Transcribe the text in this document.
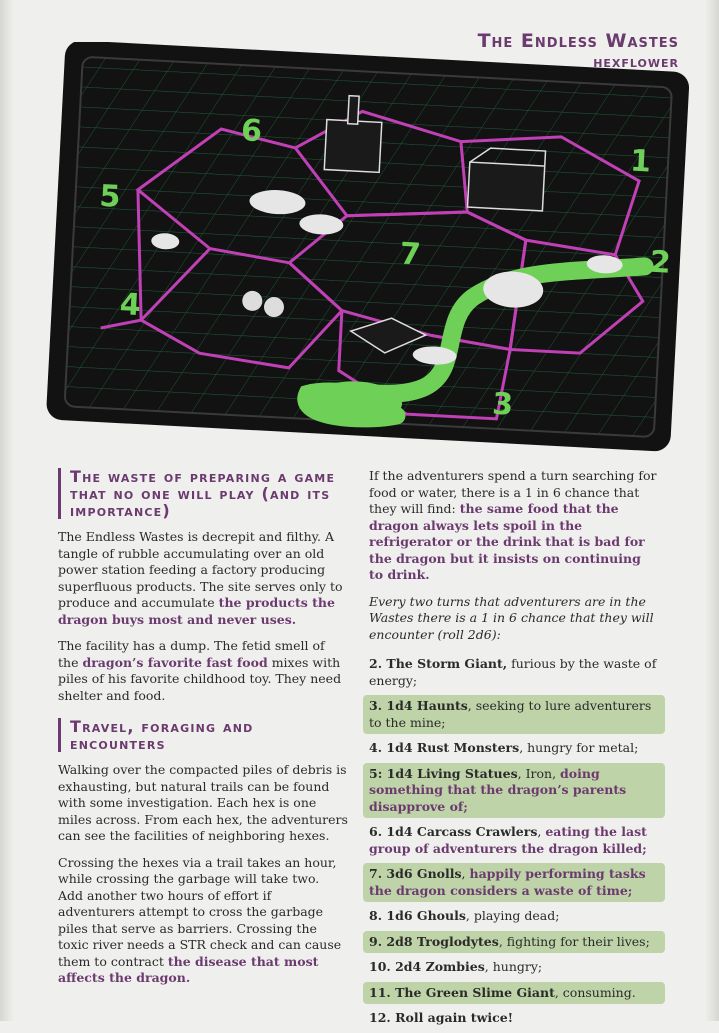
The Endless Wastes
hexflower
1
2
3
4
5
6
7
The waste of preparing a game that no one will play (and its importance)

The Endless Wastes is decrepit and filthy. A tangle of rubble accumulating over an old power station feeding a factory producing superfluous products. The site serves only to produce and accumulate the products the dragon buys most and never uses.

The facility has a dump. The fetid smell of the dragon’s favorite fast food mixes with piles of his favorite childhood toy. They need shelter and food.

Travel, foraging and encounters

Walking over the compacted piles of debris is exhausting, but natural trails can be found with some investigation. Each hex is one miles across. From each hex, the adventurers can see the facilities of neighboring hexes.

Crossing the hexes via a trail takes an hour, while crossing the garbage will take two. Add another two hours of effort if adventurers attempt to cross the garbage piles that serve as barriers. Crossing the toxic river needs a STR check and can cause them to contract the disease that most affects the dragon.

If the adventurers spend a turn searching for food or water, there is a 1 in 6 chance that they will find: the same food that the dragon always lets spoil in the refrigerator or the drink that is bad for the dragon but it insists on continuing to drink.

Every two turns that adventurers are in the Wastes there is a 1 in 6 chance that they will encounter (roll 2d6):

2. The Storm Giant, furious by the waste of energy;
3. 1d4 Haunts, seeking to lure adventurers to the mine;
4. 1d4 Rust Monsters, hungry for metal;
5: 1d4 Living Statues, Iron, doing something that the dragon’s parents disapprove of;
6. 1d4 Carcass Crawlers, eating the last group of adventurers the dragon killed;
7. 3d6 Gnolls, happily performing tasks the dragon considers a waste of time;
8. 1d6 Ghouls, playing dead;
9. 2d8 Troglodytes, fighting for their lives;
10. 2d4 Zombies, hungry;
11. The Green Slime Giant, consuming.
12. Roll again twice!
